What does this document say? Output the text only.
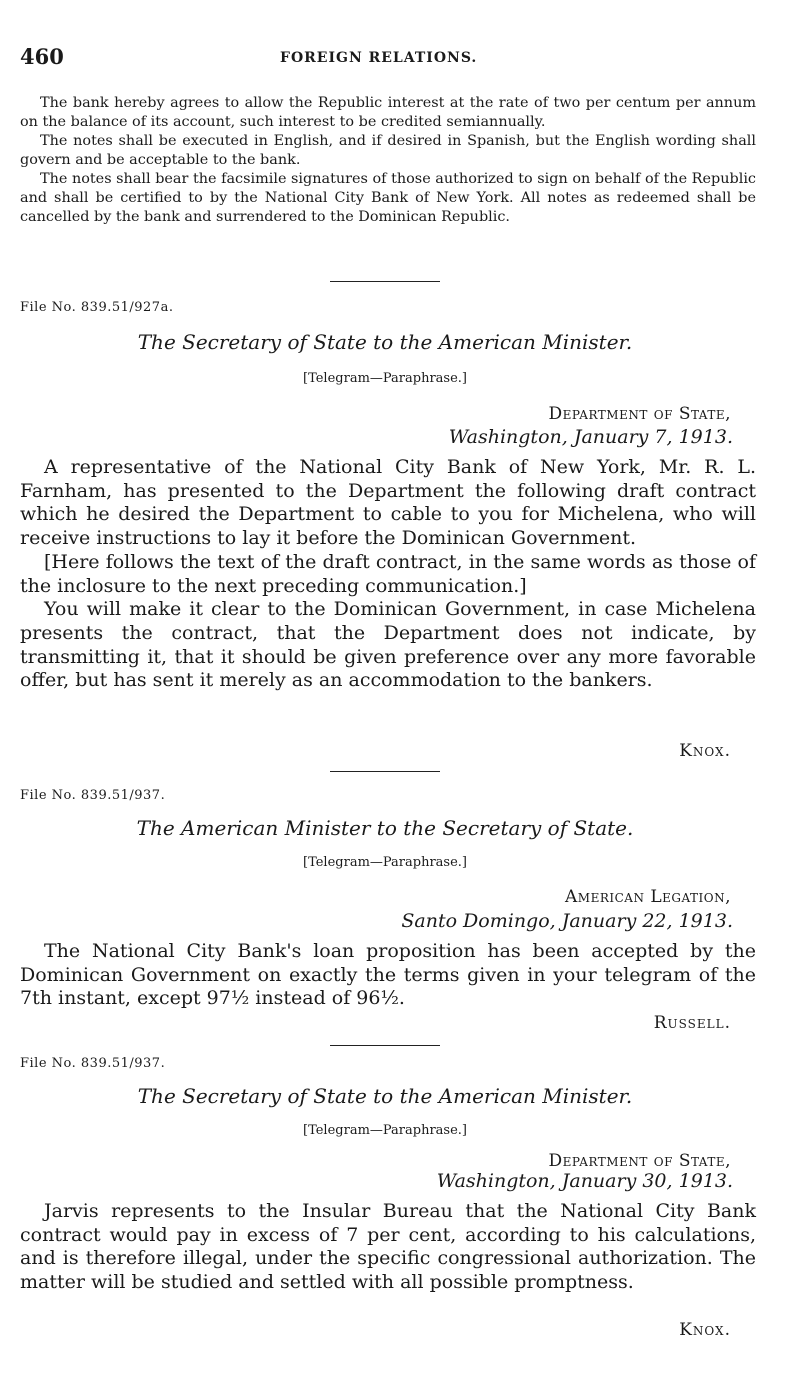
460	FOREIGN RELATIONS.

The bank hereby agrees to allow the Republic interest at the rate of two per centum per annum on the balance of its account, such interest to be credited semiannually.

The notes shall be executed in English, and if desired in Spanish, but the English wording shall govern and be acceptable to the bank.

The notes shall bear the facsimile signatures of those authorized to sign on behalf of the Republic and shall be certified to by the National City Bank of New York. All notes as redeemed shall be cancelled by the bank and surrendered to the Dominican Republic.

File No. 839.51/927a.
The Secretary of State to the American Minister.
[Telegram—Paraphrase.]
Department of State,
Washington, January 7, 1913.

A representative of the National City Bank of New York, Mr. R. L. Farnham, has presented to the Department the following draft contract which he desired the Department to cable to you for Michelena, who will receive instructions to lay it before the Dominican Government.

[Here follows the text of the draft contract, in the same words as those of the inclosure to the next preceding communication.]

You will make it clear to the Dominican Government, in case Michelena presents the contract, that the Department does not indicate, by transmitting it, that it should be given preference over any more favorable offer, but has sent it merely as an accommodation to the bankers.

Knox.
File No. 839.51/937.
The American Minister to the Secretary of State.
[Telegram—Paraphrase.]
American Legation,
Santo Domingo, January 22, 1913.

The National City Bank's loan proposition has been accepted by the Dominican Government on exactly the terms given in your telegram of the 7th instant, except 97½ instead of 96½.

Russell.
File No. 839.51/937.
The Secretary of State to the American Minister.
[Telegram—Paraphrase.]
Department of State,
Washington, January 30, 1913.

Jarvis represents to the Insular Bureau that the National City Bank contract would pay in excess of 7 per cent, according to his calculations, and is therefore illegal, under the specific congressional authorization. The matter will be studied and settled with all possible promptness.

Knox.
